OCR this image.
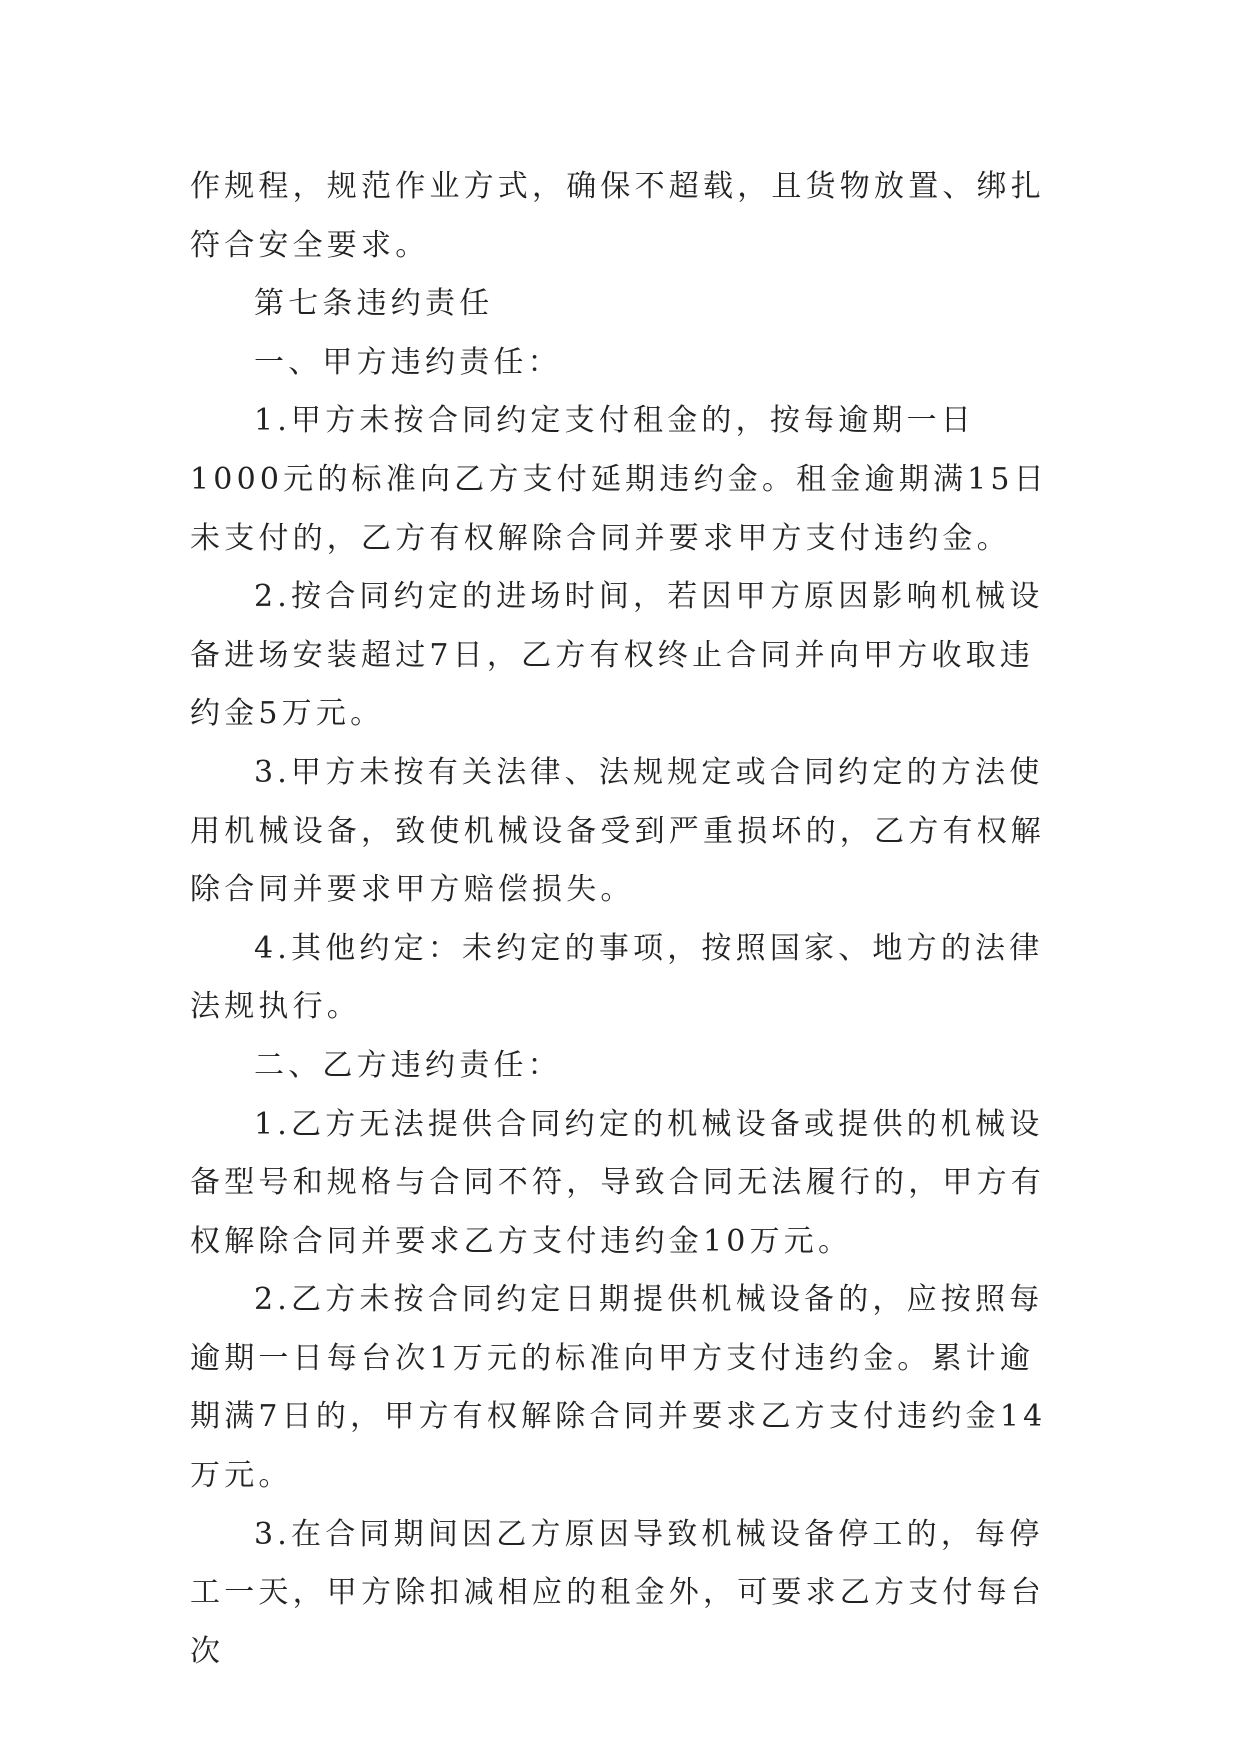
作规程，规范作业方式，确保不超载，且货物放置、绑扎符合安全要求。

第七条违约责任

一、甲方违约责任：

1.甲方未按合同约定支付租金的，按每逾期一日1000元的标准向乙方支付延期违约金。租金逾期满15日未支付的，乙方有权解除合同并要求甲方支付违约金。

2.按合同约定的进场时间，若因甲方原因影响机械设备进场安装超过7日，乙方有权终止合同并向甲方收取违约金5万元。

3.甲方未按有关法律、法规规定或合同约定的方法使用机械设备，致使机械设备受到严重损坏的，乙方有权解除合同并要求甲方赔偿损失。

4.其他约定：未约定的事项，按照国家、地方的法律法规执行。

二、乙方违约责任：

1.乙方无法提供合同约定的机械设备或提供的机械设备型号和规格与合同不符，导致合同无法履行的，甲方有权解除合同并要求乙方支付违约金10万元。

2.乙方未按合同约定日期提供机械设备的，应按照每逾期一日每台次1万元的标准向甲方支付违约金。累计逾期满7日的，甲方有权解除合同并要求乙方支付违约金14万元。

3.在合同期间因乙方原因导致机械设备停工的，每停工一天，甲方除扣减相应的租金外，可要求乙方支付每台次
